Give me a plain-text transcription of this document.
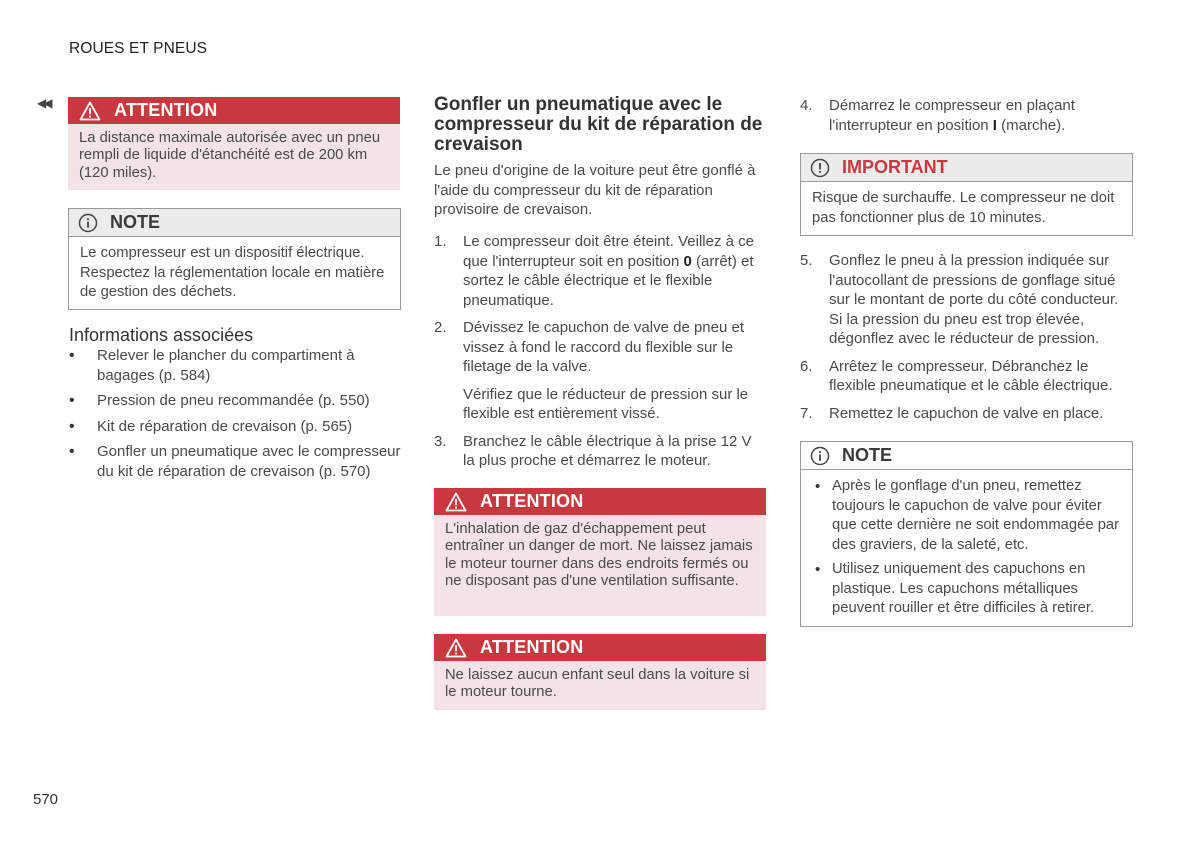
ROUES ET PNEUS
◀◀	ATTENTION

La distance maximale autorisée avec un pneu rempli de liquide d'étanchéité est de 200 km (120 miles).

NOTE

Le compresseur est un dispositif électrique. Respectez la réglementation locale en matière de gestion des déchets.

Informations associées
• Relever le plancher du compartiment à bagages (p. 584)
• Pression de pneu recommandée (p. 550)
• Kit de réparation de crevaison (p. 565)
• Gonfler un pneumatique avec le compresseur du kit de réparation de crevaison (p. 570)
Gonfler un pneumatique avec le compresseur du kit de réparation de crevaison
Le pneu d'origine de la voiture peut être gonflé à l'aide du compresseur du kit de réparation provisoire de crevaison.
1. Le compresseur doit être éteint. Veillez à ce que l'interrupteur soit en position 0 (arrêt) et sortez le câble électrique et le flexible pneumatique.

2. Dévissez le capuchon de valve de pneu et vissez à fond le raccord du flexible sur le filetage de la valve.

Vérifiez que le réducteur de pression sur le flexible est entièrement vissé.

3. Branchez le câble électrique à la prise 12 V la plus proche et démarrez le moteur.

ATTENTION

L'inhalation de gaz d'échappement peut entraîner un danger de mort. Ne laissez jamais le moteur tourner dans des endroits fermés ou ne disposant pas d'une ventilation suffisante.

ATTENTION

Ne laissez aucun enfant seul dans la voiture si le moteur tourne.

4. Démarrez le compresseur en plaçant l'interrupteur en position I (marche).

IMPORTANT

Risque de surchauffe. Le compresseur ne doit pas fonctionner plus de 10 minutes.

5. Gonflez le pneu à la pression indiquée sur l'autocollant de pressions de gonflage situé sur le montant de porte du côté conducteur. Si la pression du pneu est trop élevée, dégonflez avec le réducteur de pression.

6. Arrêtez le compresseur. Débranchez le flexible pneumatique et le câble électrique.

7. Remettez le capuchon de valve en place.

NOTE
• Après le gonflage d'un pneu, remettez toujours le capuchon de valve pour éviter que cette dernière ne soit endommagée par des graviers, de la saleté, etc.
• Utilisez uniquement des capuchons en plastique. Les capuchons métalliques peuvent rouiller et être difficiles à retirer.
570
